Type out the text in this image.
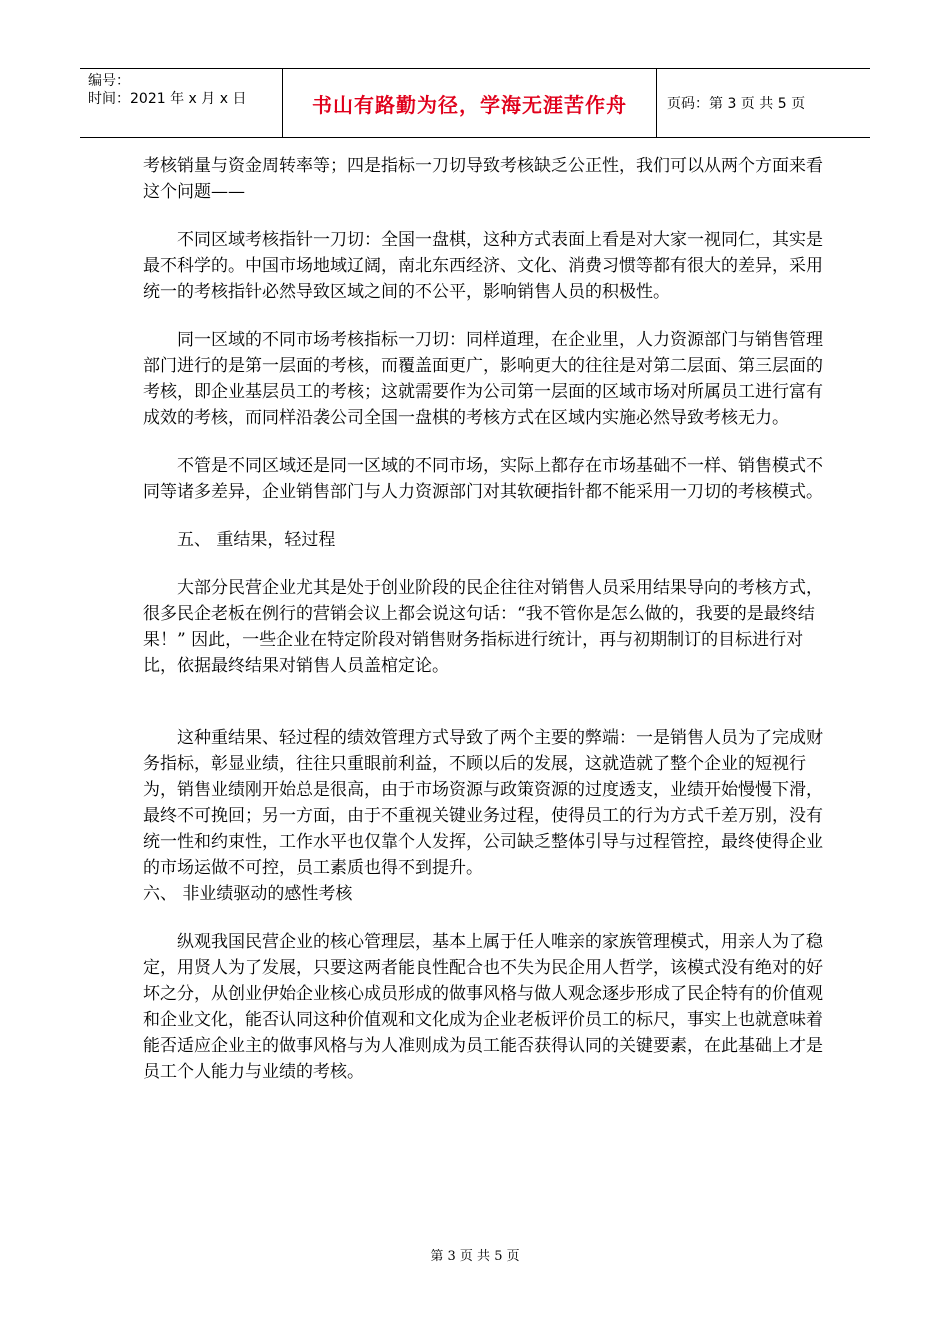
编号：
时间：2021 年 x 月 x 日	书山有路勤为径，学海无涯苦作舟	页码：第 3 页 共 5 页

考核销量与资金周转率等；四是指标一刀切导致考核缺乏公正性，我们可以从两个方面来看这个问题——

不同区域考核指针一刀切：全国一盘棋，这种方式表面上看是对大家一视同仁，其实是最不科学的。中国市场地域辽阔，南北东西经济、文化、消费习惯等都有很大的差异，采用统一的考核指针必然导致区域之间的不公平，影响销售人员的积极性。

同一区域的不同市场考核指标一刀切：同样道理，在企业里，人力资源部门与销售管理部门进行的是第一层面的考核，而覆盖面更广，影响更大的往往是对第二层面、第三层面的考核，即企业基层员工的考核；这就需要作为公司第一层面的区域市场对所属员工进行富有成效的考核，而同样沿袭公司全国一盘棋的考核方式在区域内实施必然导致考核无力。

不管是不同区域还是同一区域的不同市场，实际上都存在市场基础不一样、销售模式不同等诸多差异，企业销售部门与人力资源部门对其软硬指针都不能采用一刀切的考核模式。

五、 重结果，轻过程

大部分民营企业尤其是处于创业阶段的民企往往对销售人员采用结果导向的考核方式，很多民企老板在例行的营销会议上都会说这句话：“我不管你是怎么做的，我要的是最终结果！” 因此，一些企业在特定阶段对销售财务指标进行统计，再与初期制订的目标进行对比，依据最终结果对销售人员盖棺定论。

这种重结果、轻过程的绩效管理方式导致了两个主要的弊端：一是销售人员为了完成财务指标，彰显业绩，往往只重眼前利益，不顾以后的发展，这就造就了整个企业的短视行为，销售业绩刚开始总是很高，由于市场资源与政策资源的过度透支，业绩开始慢慢下滑，最终不可挽回；另一方面，由于不重视关键业务过程，使得员工的行为方式千差万别，没有统一性和约束性，工作水平也仅靠个人发挥，公司缺乏整体引导与过程管控，最终使得企业的市场运做不可控，员工素质也得不到提升。

六、 非业绩驱动的感性考核

纵观我国民营企业的核心管理层，基本上属于任人唯亲的家族管理模式，用亲人为了稳定，用贤人为了发展，只要这两者能良性配合也不失为民企用人哲学，该模式没有绝对的好坏之分，从创业伊始企业核心成员形成的做事风格与做人观念逐步形成了民企特有的价值观和企业文化，能否认同这种价值观和文化成为企业老板评价员工的标尺，事实上也就意味着能否适应企业主的做事风格与为人准则成为员工能否获得认同的关键要素，在此基础上才是员工个人能力与业绩的考核。

第 3 页 共 5 页
